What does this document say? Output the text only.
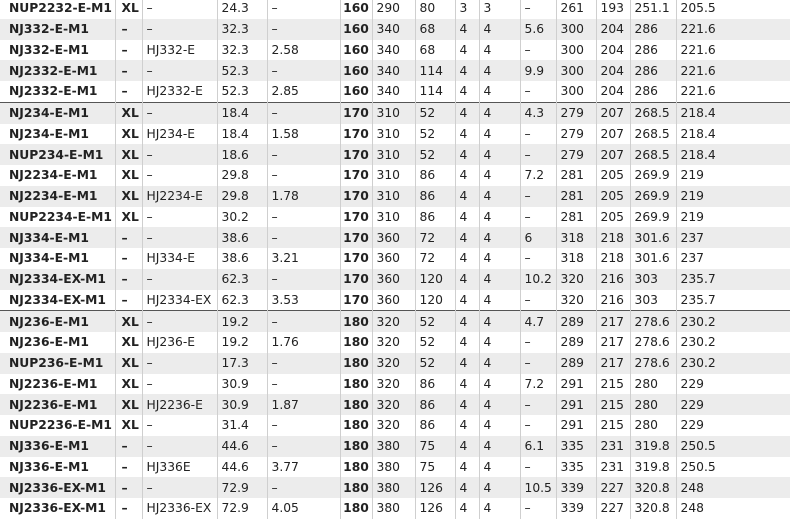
NUP2232-E-M1	XL	–	24.3	–	160	290	80	3	3	–	261	193	251.1	205.5
NJ332-E-M1	–	–	32.3	–	160	340	68	4	4	5.6	300	204	286	221.6
NJ332-E-M1	–	HJ332-E	32.3	2.58	160	340	68	4	4	–	300	204	286	221.6
NJ2332-E-M1	–	–	52.3	–	160	340	114	4	4	9.9	300	204	286	221.6
NJ2332-E-M1	–	HJ2332-E	52.3	2.85	160	340	114	4	4	–	300	204	286	221.6
NJ234-E-M1	XL	–	18.4	–	170	310	52	4	4	4.3	279	207	268.5	218.4
NJ234-E-M1	XL	HJ234-E	18.4	1.58	170	310	52	4	4	–	279	207	268.5	218.4
NUP234-E-M1	XL	–	18.6	–	170	310	52	4	4	–	279	207	268.5	218.4
NJ2234-E-M1	XL	–	29.8	–	170	310	86	4	4	7.2	281	205	269.9	219
NJ2234-E-M1	XL	HJ2234-E	29.8	1.78	170	310	86	4	4	–	281	205	269.9	219
NUP2234-E-M1	XL	–	30.2	–	170	310	86	4	4	–	281	205	269.9	219
NJ334-E-M1	–	–	38.6	–	170	360	72	4	4	6	318	218	301.6	237
NJ334-E-M1	–	HJ334-E	38.6	3.21	170	360	72	4	4	–	318	218	301.6	237
NJ2334-EX-M1	–	–	62.3	–	170	360	120	4	4	10.2	320	216	303	235.7
NJ2334-EX-M1	–	HJ2334-EX	62.3	3.53	170	360	120	4	4	–	320	216	303	235.7
NJ236-E-M1	XL	–	19.2	–	180	320	52	4	4	4.7	289	217	278.6	230.2
NJ236-E-M1	XL	HJ236-E	19.2	1.76	180	320	52	4	4	–	289	217	278.6	230.2
NUP236-E-M1	XL	–	17.3	–	180	320	52	4	4	–	289	217	278.6	230.2
NJ2236-E-M1	XL	–	30.9	–	180	320	86	4	4	7.2	291	215	280	229
NJ2236-E-M1	XL	HJ2236-E	30.9	1.87	180	320	86	4	4	–	291	215	280	229
NUP2236-E-M1	XL	–	31.4	–	180	320	86	4	4	–	291	215	280	229
NJ336-E-M1	–	–	44.6	–	180	380	75	4	4	6.1	335	231	319.8	250.5
NJ336-E-M1	–	HJ336E	44.6	3.77	180	380	75	4	4	–	335	231	319.8	250.5
NJ2336-EX-M1	–	–	72.9	–	180	380	126	4	4	10.5	339	227	320.8	248
NJ2336-EX-M1	–	HJ2336-EX	72.9	4.05	180	380	126	4	4	–	339	227	320.8	248
